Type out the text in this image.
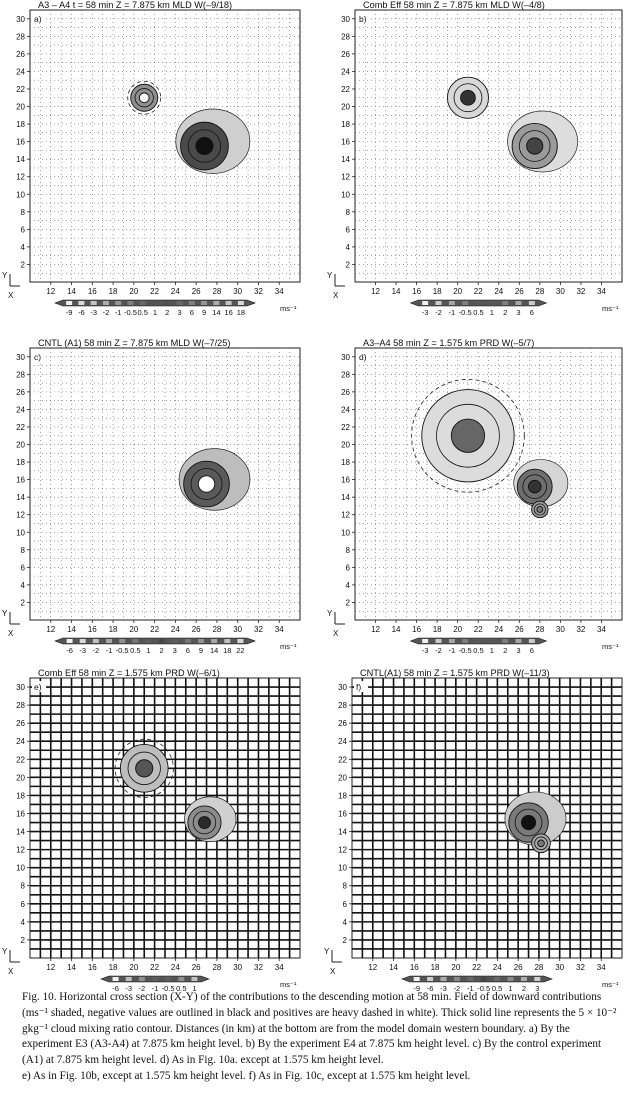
A3 – A4 t = 58 min Z = 7.875 km MLD W(–9/18)
a)
2
4
6
8
10
12
14
16
18
20
22
24
26
28
30
12 14 16 18 20 22 24 26 28 30 32 34
Y
X
-9 -6 -3 -2 -1 -0.5 0.5 1 2 3 6 9 14 16 18	ms⁻¹
Comb Eff 58 min Z = 7.875 km MLD W(–4/8)
b)
2
4
6
8
10
12
14
16
18
20
22
24
26
28
30
12 14 16 18 20 22 24 26 28 30 32 34
Y
X
-3 -2 -1 -0.5 0.5 1 2 3 6	ms⁻¹
CNTL (A1) 58 min Z = 7.875 km MLD W(–7/25)
c)
2
4
6
8
10
12
14
16
18
20
22
24
26
28
30
12 14 16 18 20 22 24 26 28 30 32 34
Y
X
-6 -3 -2 -1 -0.5 0.5 1 2 3 6 9 14 18 22	ms⁻¹
A3–A4 58 min Z = 1.575 km PRD W(–5/7)
d)
2
4
6
8
10
12
14
16
18
20
22
24
26
28
30
12 14 16 18 20 22 24 26 28 30 32 34
Y
X
-3 -2 -1 -0.5 0.5 1 2 3 6	ms⁻¹
Comb Eff 58 min Z = 1.575 km PRD W(–6/1)
e)
2
4
6
8
10
12
14
16
18
20
22
24
26
28
30
12 14 16 18 20 22 24 26 28 30 32 34
Y
X
-6 -3 -2 -1 -0.5 0.5 1	ms⁻¹
CNTL(A1) 58 min Z = 1.575 km PRD W(–11/3)
f)
2
4
6
8
10
12
14
16
18
20
22
24
26
28
30
12 14 16 18 20 22 24 26 28 30 32 34
Y
X
-9 -6 -3 -2 -1 -0.5 0.5 1 2 3	ms⁻¹

Fig. 10. Horizontal cross section (X-Y) of the contributions to the descending motion at 58 min. Field of downward contributions (ms⁻¹ shaded, negative values are outlined in black and positives are heavy dashed in white). Thick solid line represents the 5 × 10⁻² gkg⁻¹ cloud mixing ratio contour. Distances (in km) at the bottom are from the model domain western boundary. a) By the experiment E3 (A3-A4) at 7.875 km height level. b) By the experiment E4 at 7.875 km height level. c) By the control experiment (A1) at 7.875 km height level. d) As in Fig. 10a. except at 1.575 km height level.

e) As in Fig. 10b, except at 1.575 km height level. f) As in Fig. 10c, except at 1.575 km height level.
